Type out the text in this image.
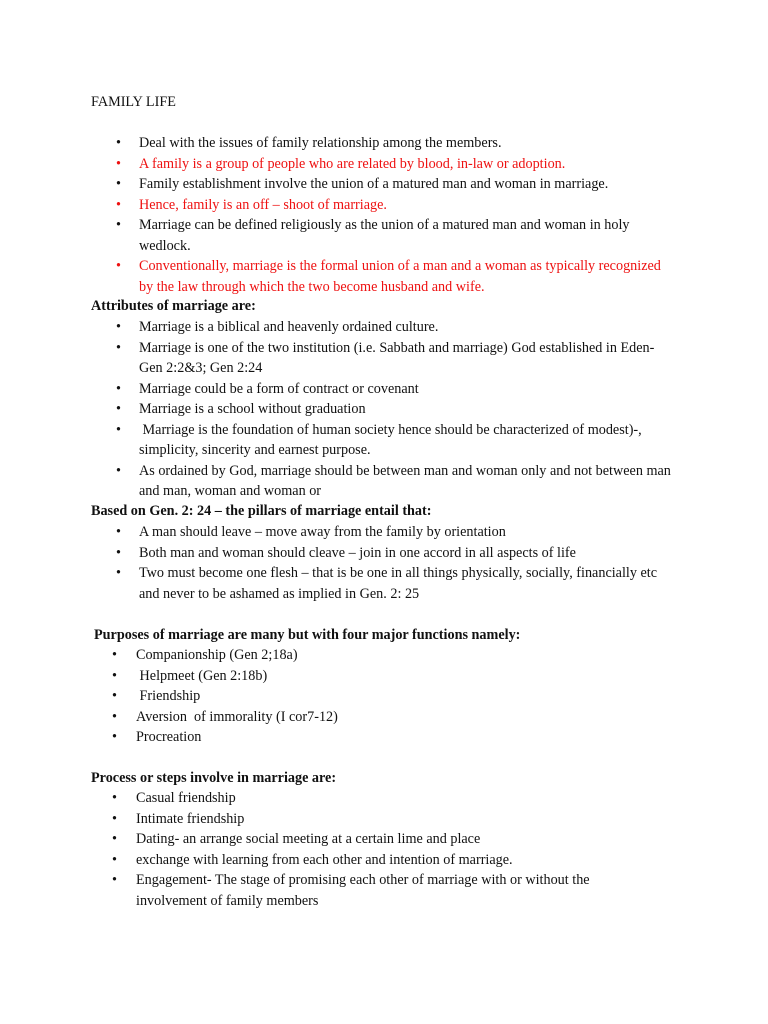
FAMILY LIFE
• Deal with the issues of family relationship among the members.
• A family is a group of people who are related by blood, in-law or adoption.
• Family establishment involve the union of a matured man and woman in marriage.
• Hence, family is an off – shoot of marriage.
• Marriage can be defined religiously as the union of a matured man and woman in holy wedlock.
• Conventionally, marriage is the formal union of a man and a woman as typically recognized by the law through which the two become husband and wife.
Attributes of marriage are:
• Marriage is a biblical and heavenly ordained culture.
• Marriage is one of the two institution (i.e. Sabbath and marriage) God established in Eden- Gen 2:2&3; Gen 2:24
• Marriage could be a form of contract or covenant
• Marriage is a school without graduation
• Marriage is the foundation of human society hence should be characterized of modest)-, simplicity, sincerity and earnest purpose.
• As ordained by God, marriage should be between man and woman only and not between man and man, woman and woman or
Based on Gen. 2: 24 – the pillars of marriage entail that:
• A man should leave – move away from the family by orientation
• Both man and woman should cleave – join in one accord in all aspects of life
• Two must become one flesh – that is be one in all things physically, socially, financially etc and never to be ashamed as implied in Gen. 2: 25
Purposes of marriage are many but with four major functions namely:
• Companionship (Gen 2;18a)
• Helpmeet (Gen 2:18b)
• Friendship
• Aversion  of immorality (I cor7-12)
• Procreation
Process or steps involve in marriage are:
• Casual friendship
• Intimate friendship
• Dating- an arrange social meeting at a certain lime and place
• exchange with learning from each other and intention of marriage.
• Engagement- The stage of promising each other of marriage with or without the involvement of family members
